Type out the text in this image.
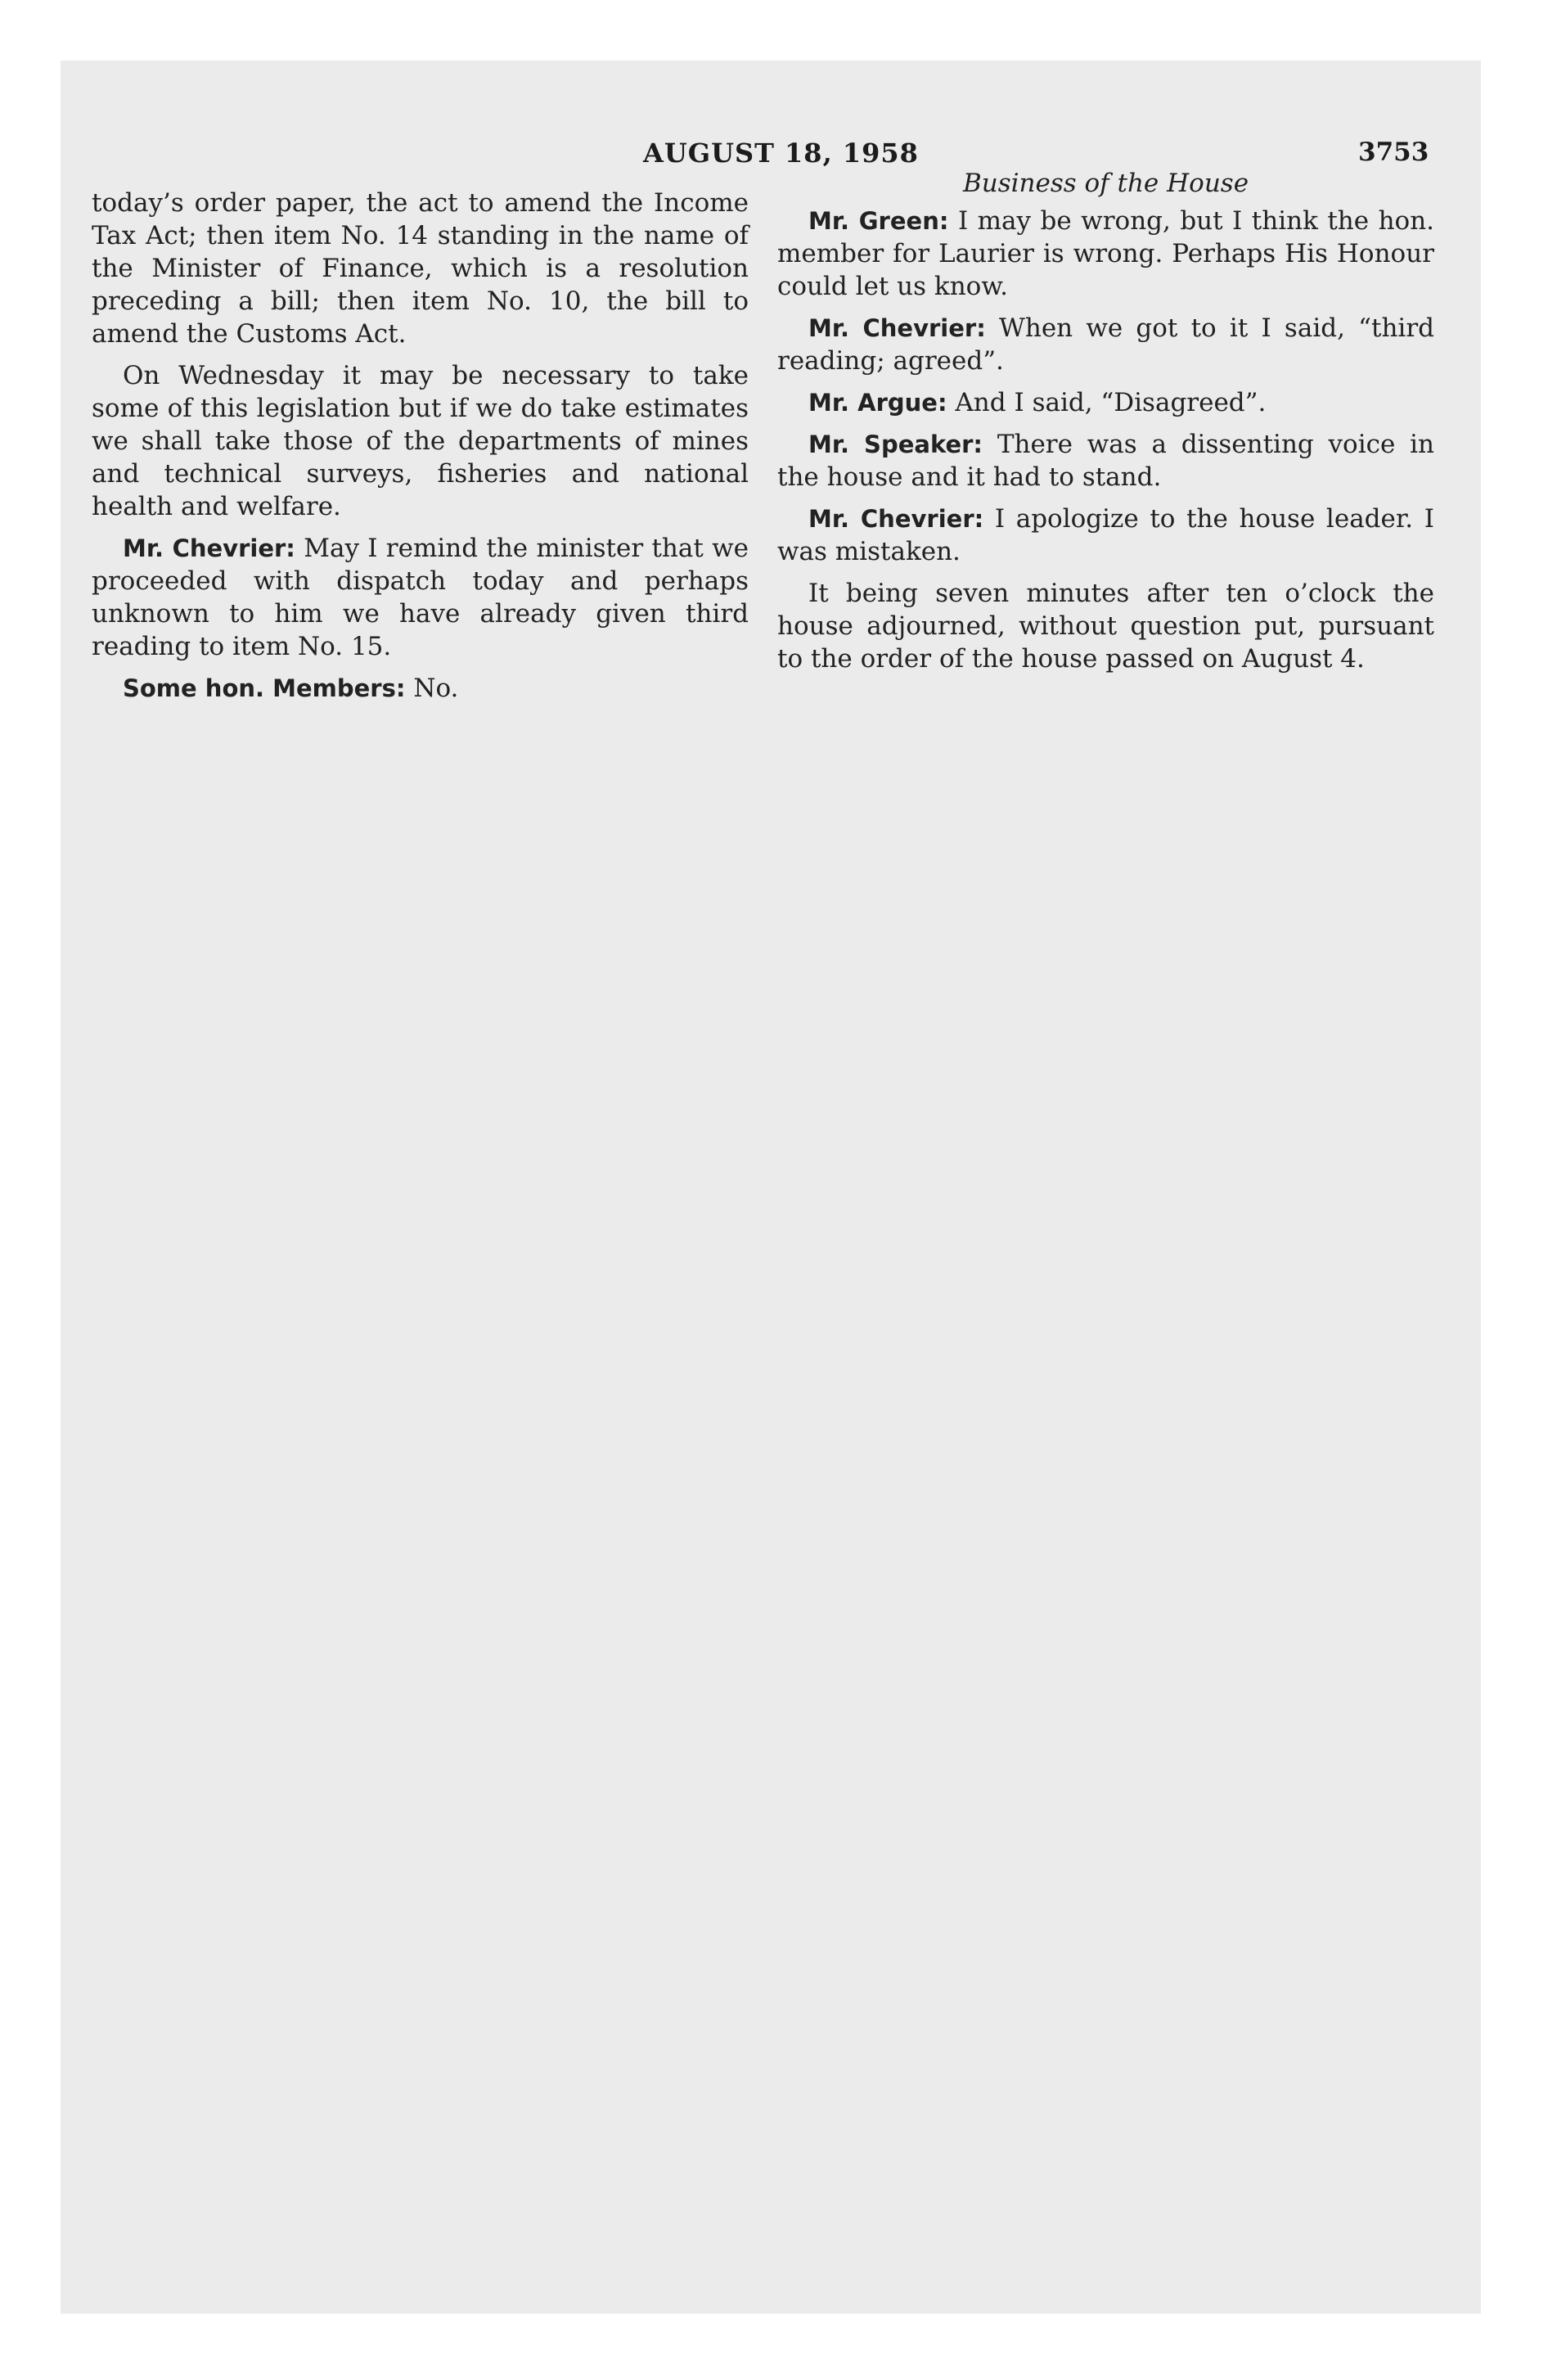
AUGUST 18, 1958	3753

today’s order paper, the act to amend the Income Tax Act; then item No. 14 standing in the name of the Minister of Finance, which is a resolution preceding a bill; then item No. 10, the bill to amend the Customs Act.

On Wednesday it may be necessary to take some of this legislation but if we do take estimates we shall take those of the departments of mines and technical surveys, fisheries and national health and welfare.

Mr. Chevrier: May I remind the minister that we proceeded with dispatch today and perhaps unknown to him we have already given third reading to item No. 15.

Some hon. Members: No.

Mr. Green: I may be wrong, but I think the hon. member for Laurier is wrong. Perhaps His Honour could let us know.

Mr. Chevrier: When we got to it I said, “third reading; agreed”.

Mr. Argue: And I said, “Disagreed”.

Mr. Speaker: There was a dissenting voice in the house and it had to stand.

Mr. Chevrier: I apologize to the house leader. I was mistaken.

It being seven minutes after ten o’clock the house adjourned, without question put, pursuant to the order of the house passed on August 4.
